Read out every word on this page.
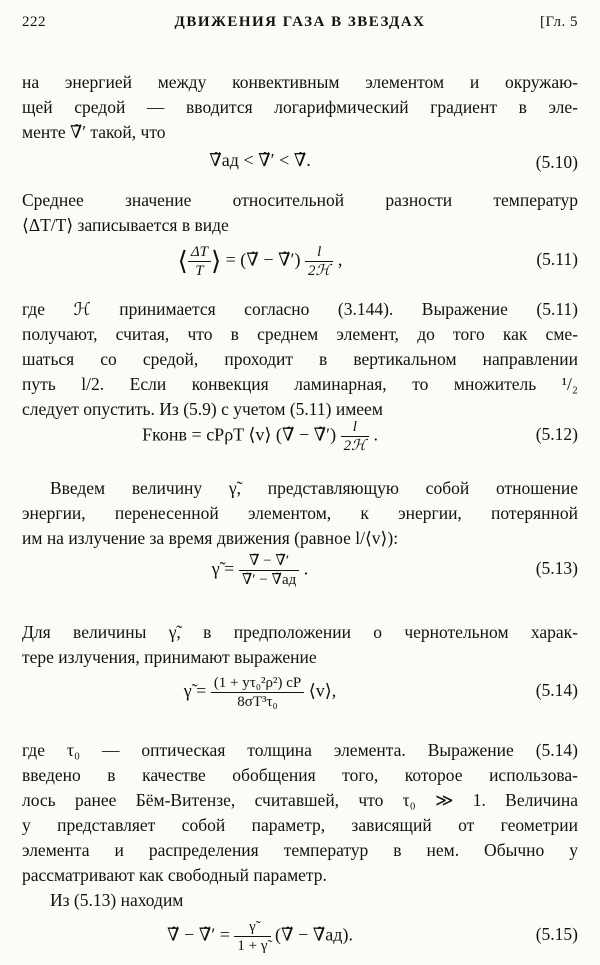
222	ДВИЖЕНИЯ ГАЗА В ЗВЕЗДАХ	[Гл. 5
на энергией между конвективным элементом и окружаю-
щей средой — вводится логарифмический градиент в эле-
менте ∇̃′ такой, что
∇̃ад < ∇̃′ < ∇̃.	(5.10)
Среднее значение относительной разности температур
⟨ΔT/T⟩ записывается в виде
⟨ $\frac{\Delta T}{T}$ ⟩ = (∇̃ − ∇̃′) $\frac{l}{\text{2ℋ}}$ ,	(5.11)
где ℋ принимается согласно (3.144). Выражение (5.11)
получают, считая, что в среднем элемент, до того как сме-
шаться со средой, проходит в вертикальном направлении
путь l/2. Если конвекция ламинарная, то множитель ¹/₂
следует опустить. Из (5.9) с учетом (5.11) имеем
Fконв = cPρT ⟨v⟩ (∇̃ − ∇̃′) $\frac{l}{\text{2ℋ}}$ .	(5.12)
Введем величину γ̃, представляющую собой отношение
энергии, перенесенной элементом, к энергии, потерянной
им на излучение за время движения (равное l/⟨v⟩):
γ̃ = $\frac{\nablã - \nablã'}{\nablã' - \nablãад}$ .	(5.13)
Для величины γ̃, в предположении о чернотельном харак-
тере излучения, принимают выражение
γ̃ = $\frac{\text{(1 + yτ₀²ρ²) cP}}{\text{8σT³τ₀}}$ ⟨v⟩,	(5.14)
где τ₀ — оптическая толщина элемента. Выражение (5.14)
введено в качестве обобщения того, которое использова-
лось ранее Бём-Витензе, считавшей, что τ₀ ≫ 1. Величина
y представляет собой параметр, зависящий от геометрии
элемента и распределения температур в нем. Обычно y
рассматривают как свободный параметр.
Из (5.13) находим
∇̃ − ∇̃′ = $\frac{\gammã}{1 + \gammã}$ (∇̃ − ∇̃ад).	(5.15)
